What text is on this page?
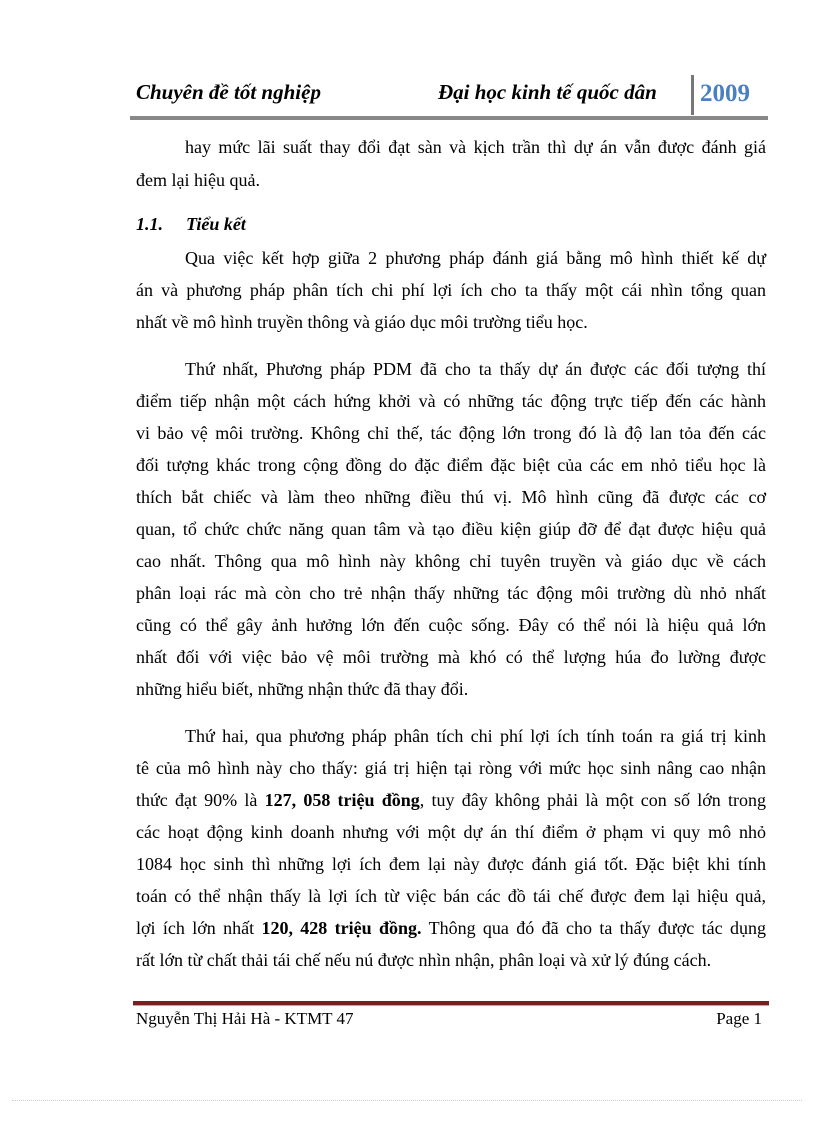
Chuyên đề tốt nghiệp	Đại học kinh tế quốc dân 2009
hay mức lãi suất thay đổi đạt sàn và kịch trần thì dự án vẫn được đánh giá
đem lại hiệu quả.
1.1. Tiểu kết
Qua việc kết hợp giữa 2 phương pháp đánh giá bằng mô hình thiết kế dự
án và phương pháp phân tích chi phí lợi ích cho ta thấy một cái nhìn tổng quan
nhất về mô hình truyền thông và giáo dục môi trường tiểu học.
Thứ nhất, Phương pháp PDM đã cho ta thấy dự án được các đối tượng thí
điểm tiếp nhận một cách hứng khởi và có những tác động trực tiếp đến các hành
vi bảo vệ môi trường. Không chỉ thế, tác động lớn trong đó là độ lan tỏa đến các
đối tượng khác trong cộng đồng do đặc điểm đặc biệt của các em nhỏ tiểu học là
thích bắt chiếc và làm theo những điều thú vị. Mô hình cũng đã được các cơ
quan, tổ chức chức năng quan tâm và tạo điều kiện giúp đỡ để đạt được hiệu quả
cao nhất. Thông qua mô hình này không chỉ tuyên truyền và giáo dục về cách
phân loại rác mà còn cho trẻ nhận thấy những tác động môi trường dù nhỏ nhất
cũng có thể gây ảnh hưởng lớn đến cuộc sống. Đây có thể nói là hiệu quả lớn
nhất đối với việc bảo vệ môi trường mà khó có thể lượng húa đo lường được
những hiểu biết, những nhận thức đã thay đổi.
Thứ hai, qua phương pháp phân tích chi phí lợi ích tính toán ra giá trị kinh
tê của mô hình này cho thấy: giá trị hiện tại ròng với mức học sinh nâng cao nhận
thức đạt 90% là 127, 058 triệu đồng, tuy đây không phải là một con số lớn trong
các hoạt động kinh doanh nhưng với một dự án thí điểm ở phạm vi quy mô nhỏ
1084 học sinh thì những lợi ích đem lại này được đánh giá tốt. Đặc biệt khi tính
toán có thể nhận thấy là lợi ích từ việc bán các đồ tái chế được đem lại hiệu quả,
lợi ích lớn nhất 120, 428 triệu đồng. Thông qua đó đã cho ta thấy được tác dụng
rất lớn từ chất thải tái chế nếu nú được nhìn nhận, phân loại và xử lý đúng cách.
Nguyễn Thị Hải Hà - KTMT 47	Page 1
